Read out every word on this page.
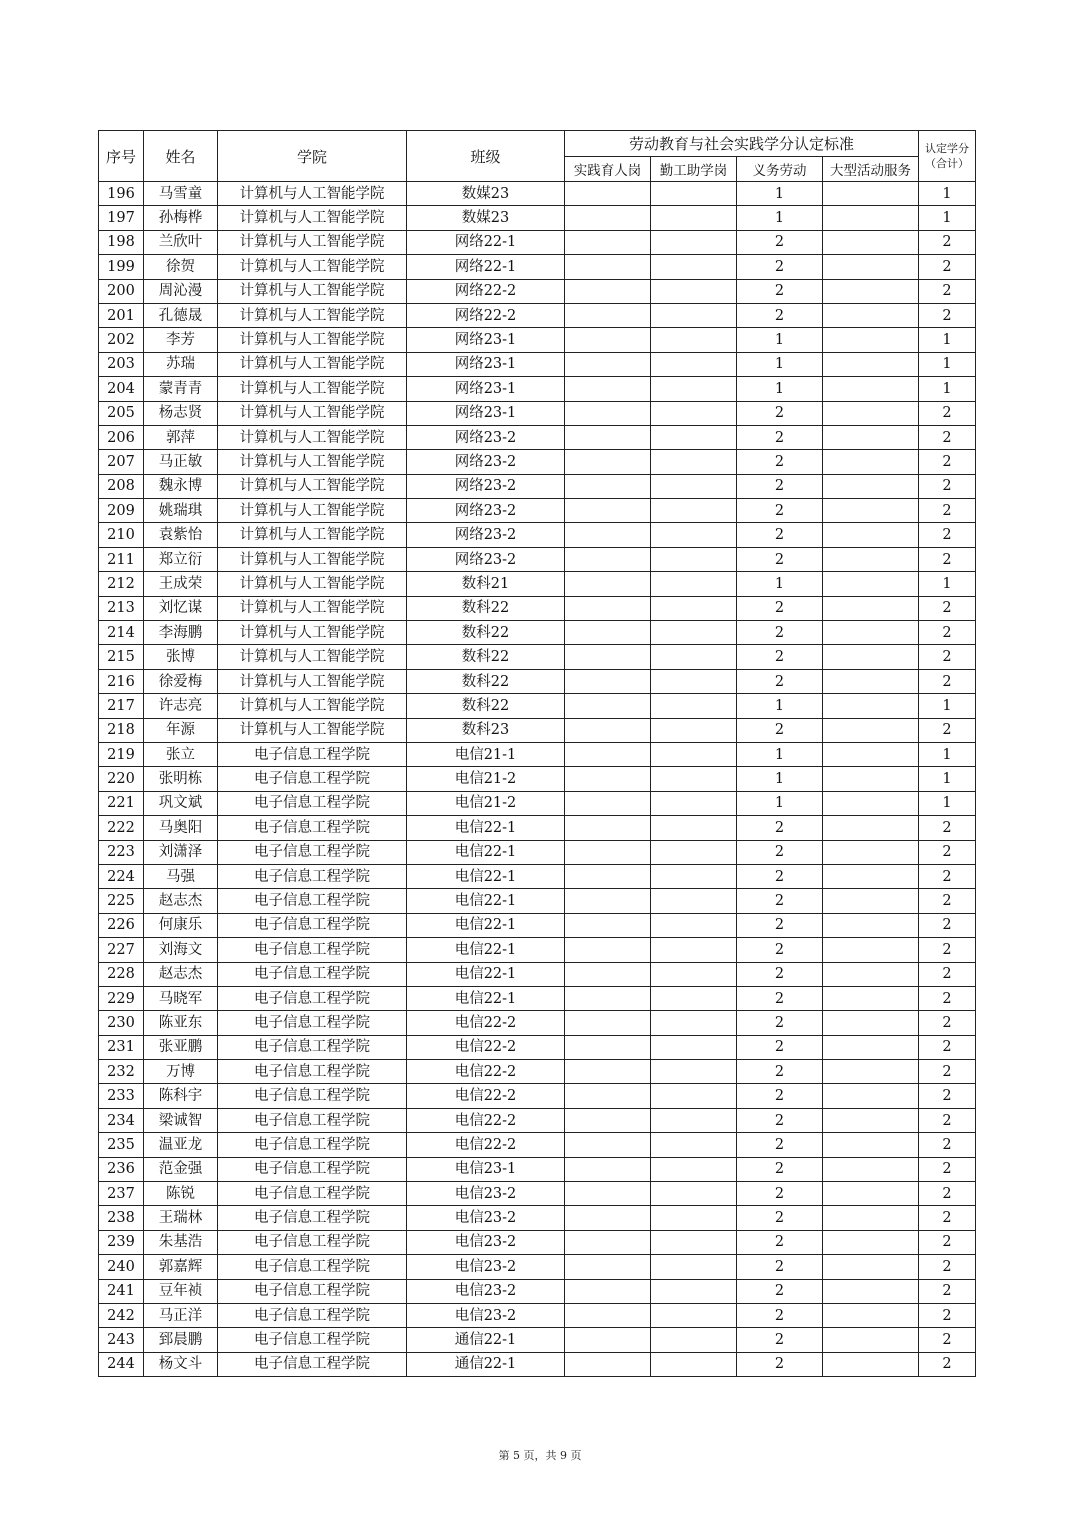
序号	姓名	学院	班级	劳动教育与社会实践学分认定标准				认定学分
（合计）
				实践育人岗	勤工助学岗	义务劳动	大型活动服务	
196	马雪童	计算机与人工智能学院	数媒23			1		1
197	孙梅桦	计算机与人工智能学院	数媒23			1		1
198	兰欣叶	计算机与人工智能学院	网络22-1			2		2
199	徐贺	计算机与人工智能学院	网络22-1			2		2
200	周沁漫	计算机与人工智能学院	网络22-2			2		2
201	孔德晟	计算机与人工智能学院	网络22-2			2		2
202	李芳	计算机与人工智能学院	网络23-1			1		1
203	苏瑞	计算机与人工智能学院	网络23-1			1		1
204	蒙青青	计算机与人工智能学院	网络23-1			1		1
205	杨志贤	计算机与人工智能学院	网络23-1			2		2
206	郭萍	计算机与人工智能学院	网络23-2			2		2
207	马正敏	计算机与人工智能学院	网络23-2			2		2
208	魏永博	计算机与人工智能学院	网络23-2			2		2
209	姚瑞琪	计算机与人工智能学院	网络23-2			2		2
210	袁紫怡	计算机与人工智能学院	网络23-2			2		2
211	郑立衍	计算机与人工智能学院	网络23-2			2		2
212	王成荣	计算机与人工智能学院	数科21			1		1
213	刘忆谋	计算机与人工智能学院	数科22			2		2
214	李海鹏	计算机与人工智能学院	数科22			2		2
215	张博	计算机与人工智能学院	数科22			2		2
216	徐爱梅	计算机与人工智能学院	数科22			2		2
217	许志亮	计算机与人工智能学院	数科22			1		1
218	年源	计算机与人工智能学院	数科23			2		2
219	张立	电子信息工程学院	电信21-1			1		1
220	张明栋	电子信息工程学院	电信21-2			1		1
221	巩文斌	电子信息工程学院	电信21-2			1		1
222	马奥阳	电子信息工程学院	电信22-1			2		2
223	刘潇泽	电子信息工程学院	电信22-1			2		2
224	马强	电子信息工程学院	电信22-1			2		2
225	赵志杰	电子信息工程学院	电信22-1			2		2
226	何康乐	电子信息工程学院	电信22-1			2		2
227	刘海文	电子信息工程学院	电信22-1			2		2
228	赵志杰	电子信息工程学院	电信22-1			2		2
229	马晓军	电子信息工程学院	电信22-1			2		2
230	陈亚东	电子信息工程学院	电信22-2			2		2
231	张亚鹏	电子信息工程学院	电信22-2			2		2
232	万博	电子信息工程学院	电信22-2			2		2
233	陈科宇	电子信息工程学院	电信22-2			2		2
234	梁诚智	电子信息工程学院	电信22-2			2		2
235	温亚龙	电子信息工程学院	电信22-2			2		2
236	范金强	电子信息工程学院	电信23-1			2		2
237	陈锐	电子信息工程学院	电信23-2			2		2
238	王瑞林	电子信息工程学院	电信23-2			2		2
239	朱基浩	电子信息工程学院	电信23-2			2		2
240	郭嘉辉	电子信息工程学院	电信23-2			2		2
241	豆年祯	电子信息工程学院	电信23-2			2		2
242	马正洋	电子信息工程学院	电信23-2			2		2
243	郅晨鹏	电子信息工程学院	通信22-1			2		2
244	杨文斗	电子信息工程学院	通信22-1			2		2
第 5 页，共 9 页
